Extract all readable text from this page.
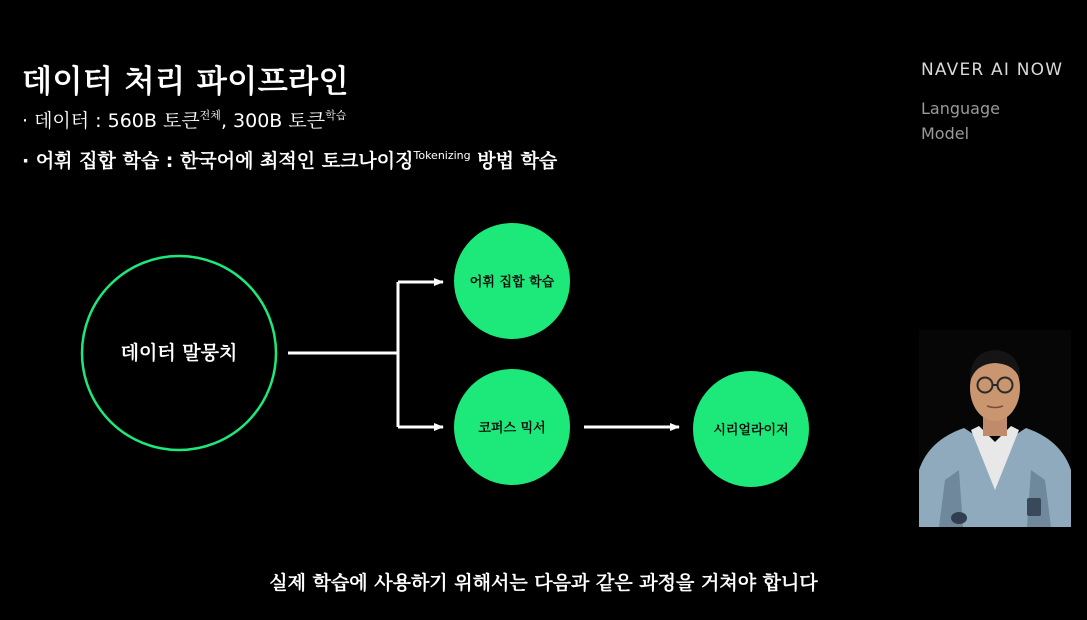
데이터 처리 파이프라인
· 데이터 : 560B 토큰$^{전체}$, 300B 토큰$^{학습}$
· 어휘 집합 학습 : 한국어에 최적인 토크나이징$^{Tokenizing}$ 방법 학습
NAVER AI NOW
Language
Model
데이터 말뭉치
어휘 집합 학습
코퍼스 믹서	시리얼라이저
실제 학습에 사용하기 위해서는 다음과 같은 과정을 거쳐야 합니다
